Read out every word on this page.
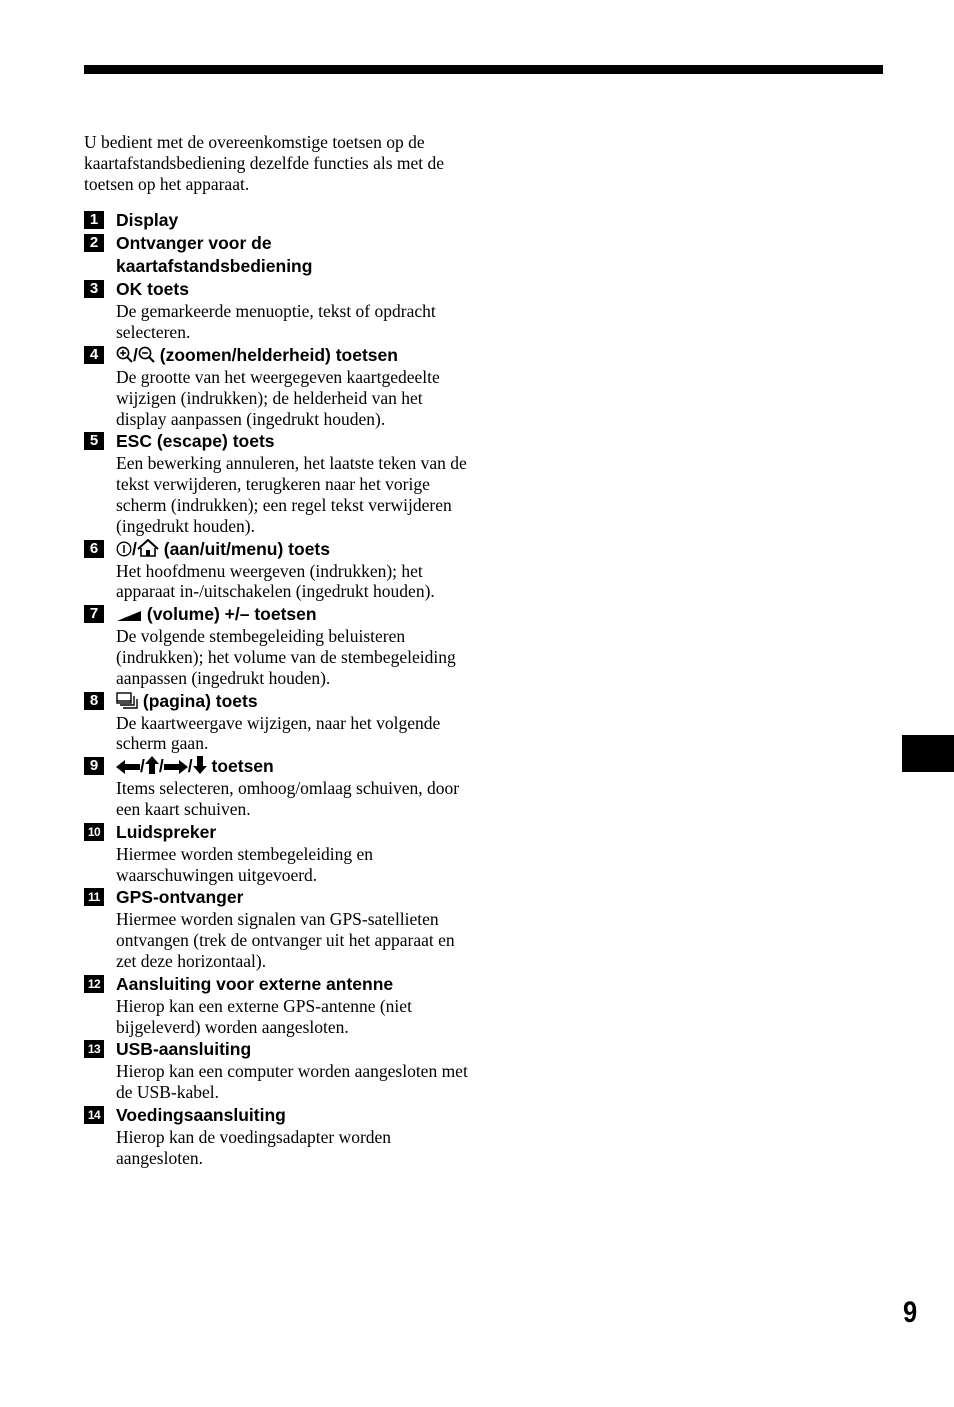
U bedient met de overeenkomstige toetsen op de kaartafstandsbediening dezelfde functies als met de toetsen op het apparaat.

1	Display
2	Ontvanger voor de kaartafstandsbediening
3	OK toets
De gemarkeerde menuoptie, tekst of opdracht selecteren.
4	/
(zoomen/helderheid) toetsen
De grootte van het weergegeven kaartgedeelte wijzigen (indrukken); de helderheid van het display aanpassen (ingedrukt houden).
5	ESC (escape) toets
Een bewerking annuleren, het laatste teken van de tekst verwijderen, terugkeren naar het vorige scherm (indrukken); een regel tekst verwijderen (ingedrukt houden).
6	/
(aan/uit/menu) toets
Het hoofdmenu weergeven (indrukken); het apparaat in-/uitschakelen (ingedrukt houden).
7	(volume) +/– toetsen
De volgende stembegeleiding beluisteren (indrukken); het volume van de stembegeleiding aanpassen (ingedrukt houden).
8	(pagina) toets
De kaartweergave wijzigen, naar het volgende scherm gaan.
9	/ / /
toetsen
Items selecteren, omhoog/omlaag schuiven, door een kaart schuiven.
10 Luidspreker
Hiermee worden stembegeleiding en waarschuwingen uitgevoerd.
11 GPS-ontvanger
Hiermee worden signalen van GPS-satellieten ontvangen (trek de ontvanger uit het apparaat en zet deze horizontaal).
12 Aansluiting voor externe antenne
Hierop kan een externe GPS-antenne (niet bijgeleverd) worden aangesloten.
13 USB-aansluiting
Hierop kan een computer worden aangesloten met de USB-kabel.
14 Voedingsaansluiting
Hierop kan de voedingsadapter worden aangesloten.
9
